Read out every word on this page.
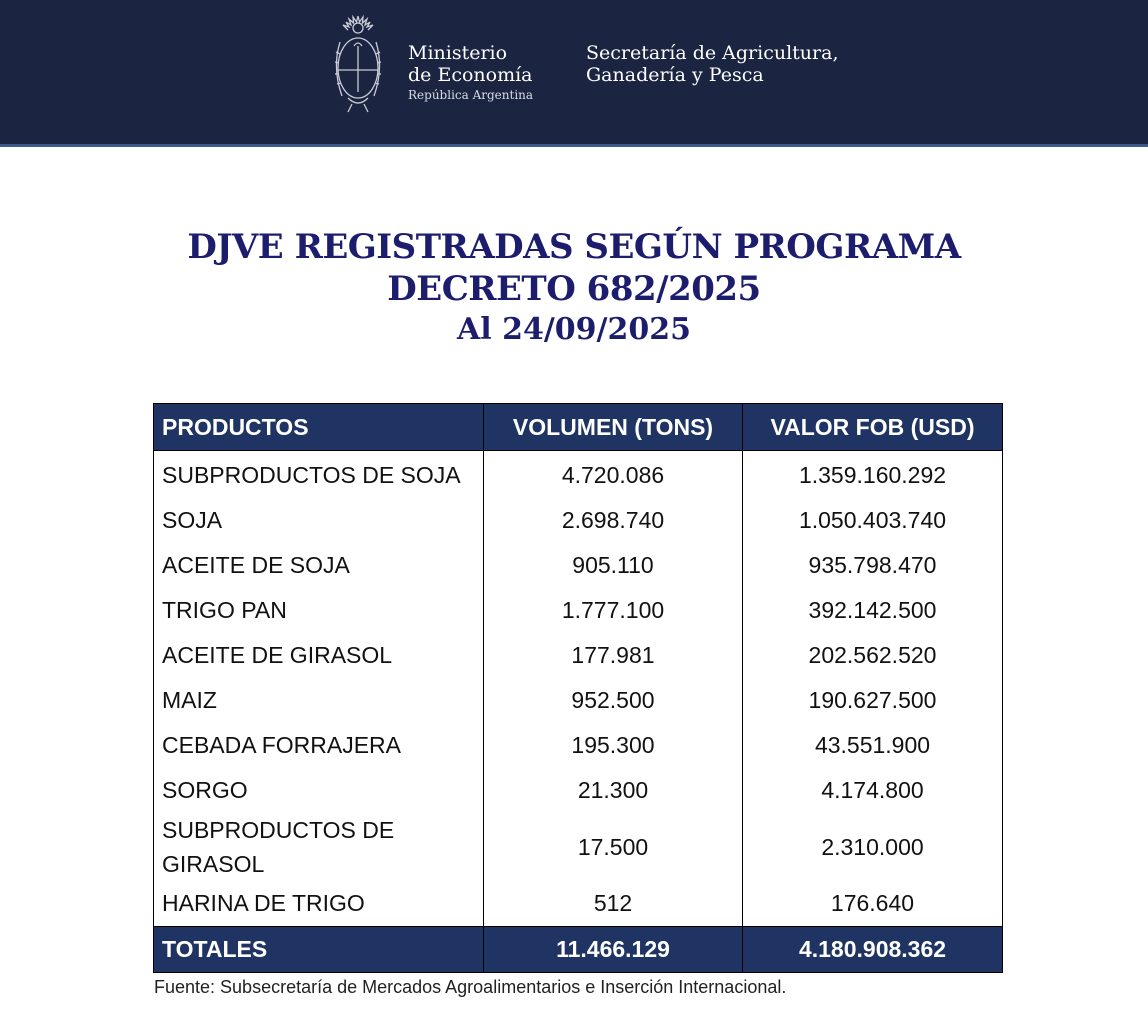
Ministerio
de Economía
República Argentina
Secretaría de Agricultura,
Ganadería y Pesca
DJVE REGISTRADAS SEGÚN PROGRAMA
DECRETO 682/2025
Al 24/09/2025
PRODUCTOS	VOLUMEN (TONS)	VALOR FOB (USD)
SUBPRODUCTOS DE SOJA	4.720.086	1.359.160.292
SOJA	2.698.740	1.050.403.740
ACEITE DE SOJA	905.110	935.798.470
TRIGO PAN	1.777.100	392.142.500
ACEITE DE GIRASOL	177.981	202.562.520
MAIZ	952.500	190.627.500
CEBADA FORRAJERA	195.300	43.551.900
SORGO	21.300	4.174.800
SUBPRODUCTOS DE GIRASOL	17.500	2.310.000
HARINA DE TRIGO	512	176.640
TOTALES	11.466.129	4.180.908.362
Fuente: Subsecretaría de Mercados Agroalimentarios e Inserción Internacional.
